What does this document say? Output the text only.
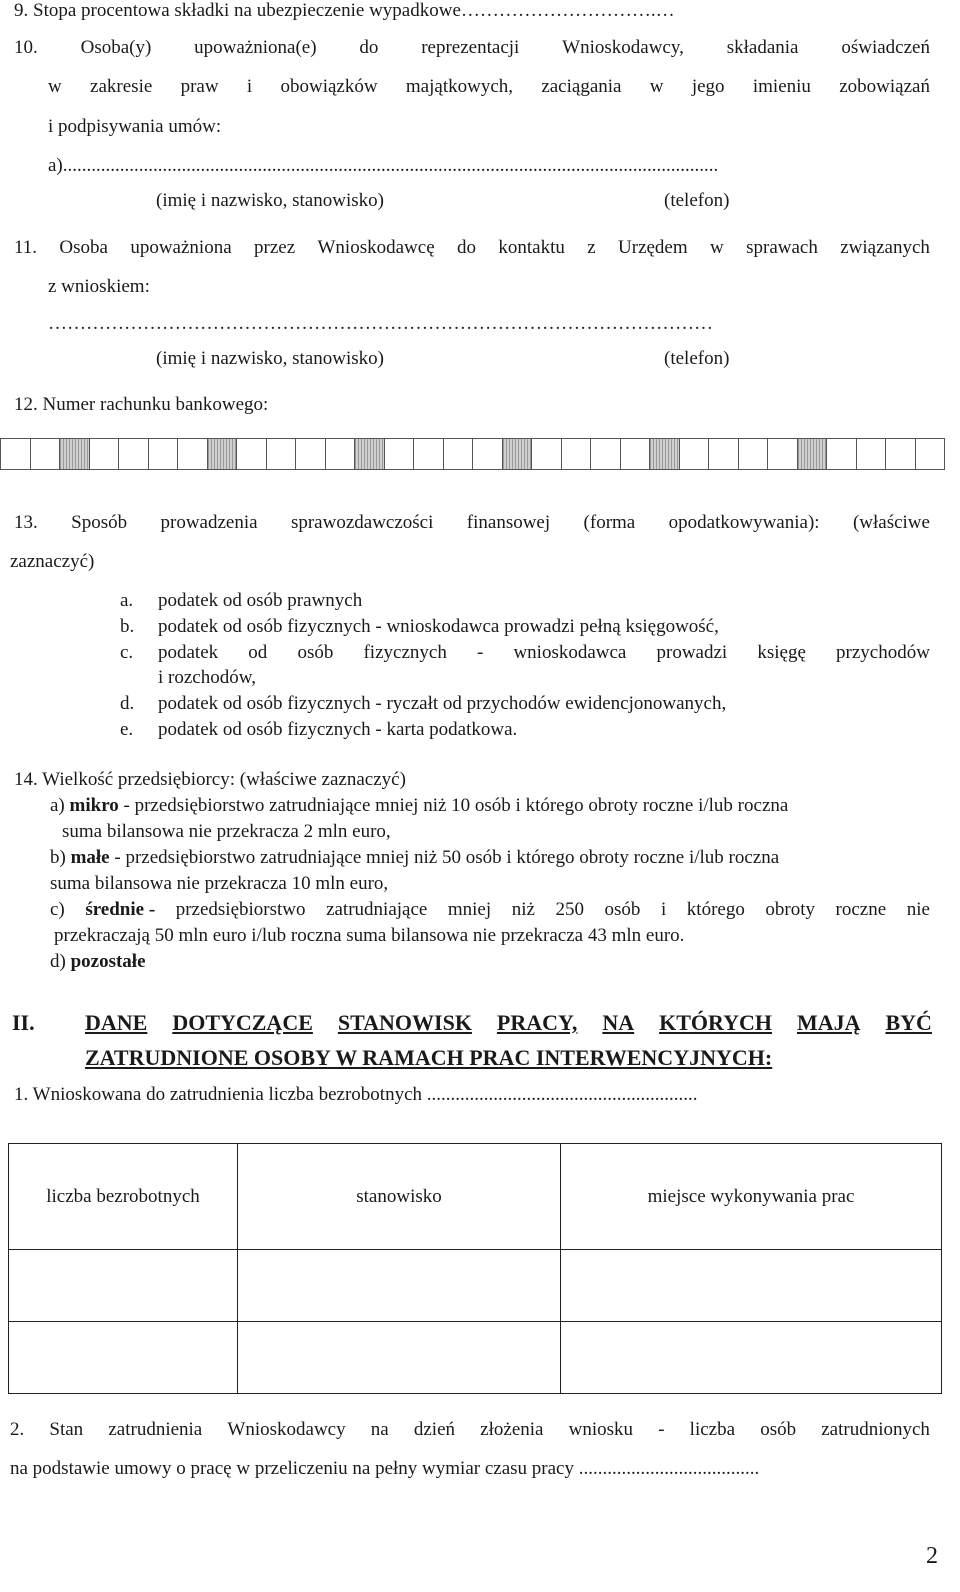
9. Stopa procentowa składki na ubezpieczenie wypadkowe………………………….…
10. Osoba(y) upoważniona(e) do reprezentacji Wnioskodawcy, składania oświadczeń
w zakresie praw i obowiązków majątkowych, zaciągania w jego imieniu zobowiązań
i podpisywania umów:
a)..........................................................................................................................................
(imię i nazwisko, stanowisko)	(telefon)
11. Osoba upoważniona przez Wnioskodawcę do kontaktu z Urzędem w sprawach związanych
z wnioskiem:
……………………………………………………………………………………………
(imię i nazwisko, stanowisko)	(telefon)
12. Numer rachunku bankowego:
13. Sposób prowadzenia sprawozdawczości finansowej (forma opodatkowywania): (właściwe
zaznaczyć)
a. podatek od osób prawnych
b. podatek od osób fizycznych - wnioskodawca prowadzi pełną księgowość,
c. podatek od osób fizycznych - wnioskodawca prowadzi księgę przychodów
i rozchodów,
d. podatek od osób fizycznych - ryczałt od przychodów ewidencjonowanych,
e. podatek od osób fizycznych - karta podatkowa.
14. Wielkość przedsiębiorcy: (właściwe zaznaczyć)
a) mikro - przedsiębiorstwo zatrudniające mniej niż 10 osób i którego obroty roczne i/lub roczna
suma bilansowa nie przekracza 2 mln euro,
b) małe - przedsiębiorstwo zatrudniające mniej niż 50 osób i którego obroty roczne i/lub roczna
suma bilansowa nie przekracza 10 mln euro,
c) średnie - przedsiębiorstwo zatrudniające mniej niż 250 osób i którego obroty roczne nie
przekraczają 50 mln euro i/lub roczna suma bilansowa nie przekracza 43 mln euro.
d) pozostałe
II. DANE DOTYCZĄCE STANOWISK PRACY, NA KTÓRYCH MAJĄ BYĆ
ZATRUDNIONE OSOBY W RAMACH PRAC INTERWENCYJNYCH:
1. Wnioskowana do zatrudnienia liczba bezrobotnych .........................................................
liczba bezrobotnych	stanowisko	miejsce wykonywania prac

2. Stan zatrudnienia Wnioskodawcy na dzień złożenia wniosku - liczba osób zatrudnionych
na podstawie umowy o pracę w przeliczeniu na pełny wymiar czasu pracy ......................................
2
